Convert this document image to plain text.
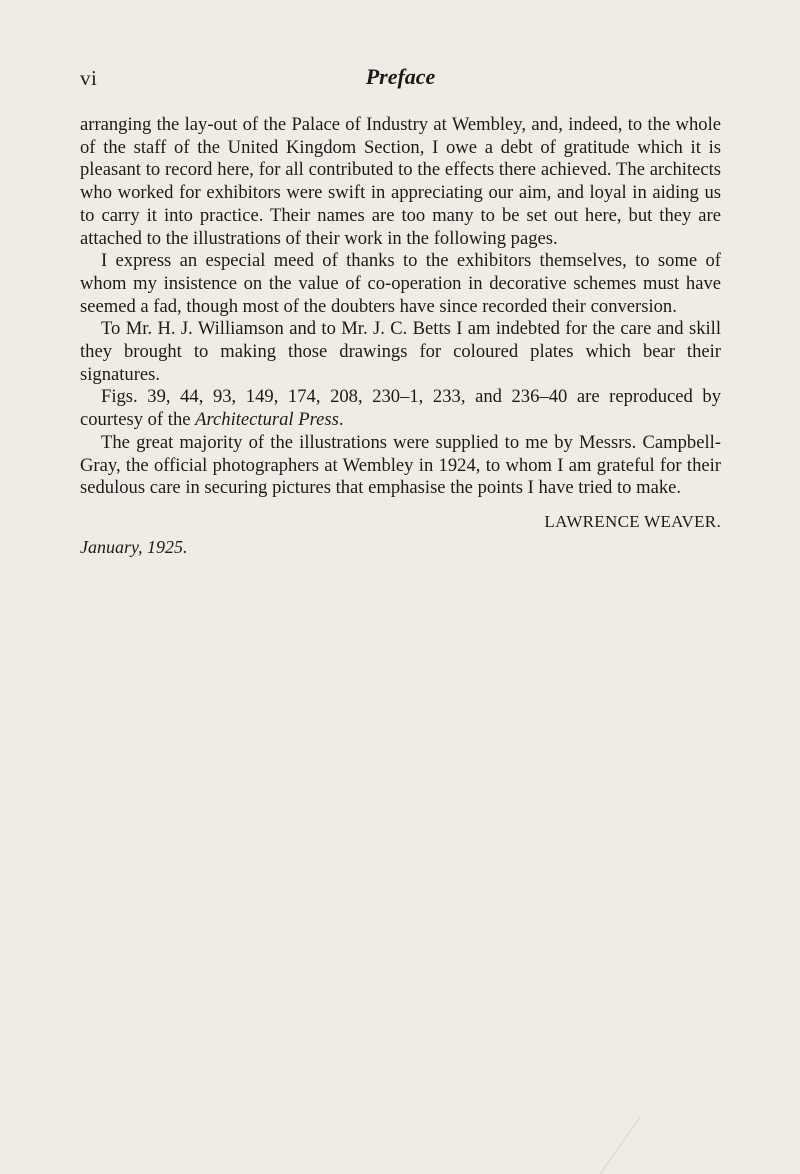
vi	Preface

arranging the lay-out of the Palace of Industry at Wembley, and, indeed, to the whole of the staff of the United Kingdom Section, I owe a debt of gratitude which it is pleasant to record here, for all contributed to the effects there achieved. The architects who worked for exhibitors were swift in appreciating our aim, and loyal in aiding us to carry it into practice. Their names are too many to be set out here, but they are attached to the illustrations of their work in the following pages.

I express an especial meed of thanks to the exhibitors themselves, to some of whom my insistence on the value of co-operation in decorative schemes must have seemed a fad, though most of the doubters have since recorded their conversion.

To Mr. H. J. Williamson and to Mr. J. C. Betts I am indebted for the care and skill they brought to making those drawings for coloured plates which bear their signatures.

Figs. 39, 44, 93, 149, 174, 208, 230–1, 233, and 236–40 are reproduced by courtesy of the Architectural Press.

The great majority of the illustrations were supplied to me by Messrs. Campbell-Gray, the official photographers at Wembley in 1924, to whom I am grateful for their sedulous care in securing pictures that emphasise the points I have tried to make.

LAWRENCE WEAVER.
January, 1925.
